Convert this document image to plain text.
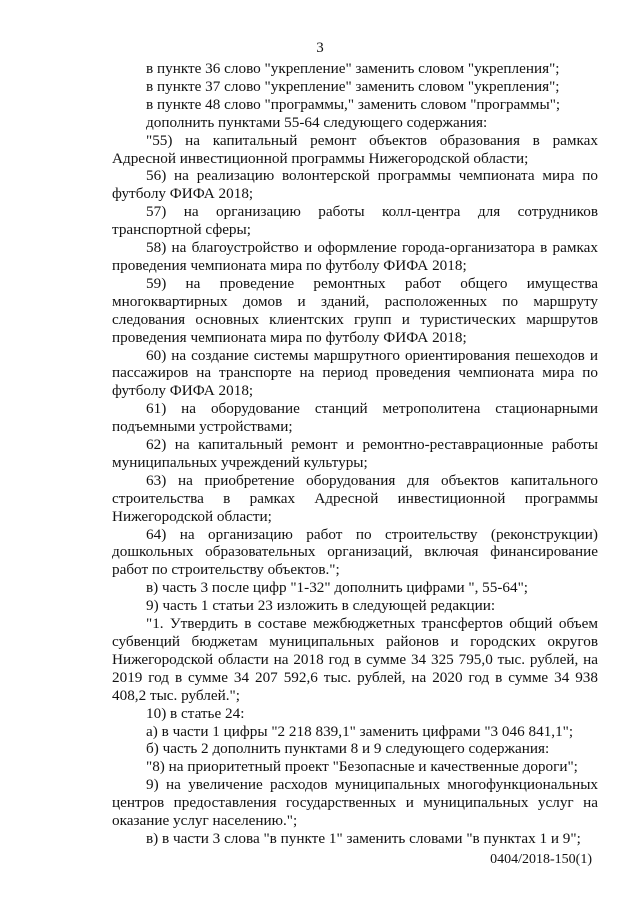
3

в пункте 36 слово "укрепление" заменить словом "укрепления";

в пункте 37 слово "укрепление" заменить словом "укрепления";

в пункте 48 слово "программы," заменить словом "программы";

дополнить пунктами 55-64 следующего содержания:

"55) на капитальный ремонт объектов образования в рамках Адресной инвестиционной программы Нижегородской области;

56) на реализацию волонтерской программы чемпионата мира по футболу ФИФА 2018;

57) на организацию работы колл-центра для сотрудников транспортной сферы;

58) на благоустройство и оформление города-организатора в рамках проведения чемпионата мира по футболу ФИФА 2018;

59) на проведение ремонтных работ общего имущества многоквартирных домов и зданий, расположенных по маршруту следования основных клиентских групп и туристических маршрутов проведения чемпионата мира по футболу ФИФА 2018;

60) на создание системы маршрутного ориентирования пешеходов и пассажиров на транспорте на период проведения чемпионата мира по футболу ФИФА 2018;

61) на оборудование станций метрополитена стационарными подъемными устройствами;

62) на капитальный ремонт и ремонтно-реставрационные работы муниципальных учреждений культуры;

63) на приобретение оборудования для объектов капитального строительства в рамках Адресной инвестиционной программы Нижегородской области;

64) на организацию работ по строительству (реконструкции) дошкольных образовательных организаций, включая финансирование работ по строительству объектов.";

в) часть 3 после цифр "1-32" дополнить цифрами ", 55-64";

9) часть 1 статьи 23 изложить в следующей редакции:

"1. Утвердить в составе межбюджетных трансфертов общий объем субвенций бюджетам муниципальных районов и городских округов Нижегородской области на 2018 год в сумме 34 325 795,0 тыс. рублей, на 2019 год в сумме 34 207 592,6 тыс. рублей, на 2020 год в сумме 34 938 408,2 тыс. рублей.";

10) в статье 24:

а) в части 1 цифры "2 218 839,1" заменить цифрами "3 046 841,1";

б) часть 2 дополнить пунктами 8 и 9 следующего содержания:

"8) на приоритетный проект "Безопасные и качественные дороги";

9) на увеличение расходов муниципальных многофункциональных центров предоставления государственных и муниципальных услуг на оказание услуг населению.";

в) в части 3 слова "в пункте 1" заменить словами "в пунктах 1 и 9";

0404/2018-150(1)
